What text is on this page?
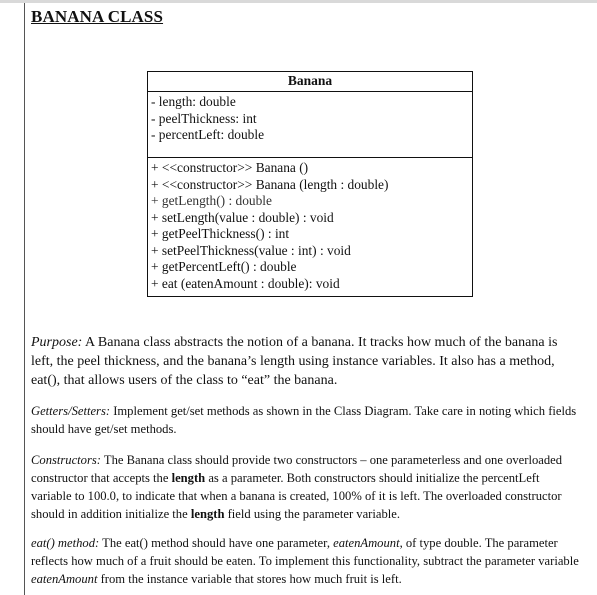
BANANA CLASS
Banana
- length: double
- peelThickness: int
- percentLeft: double
+ <<constructor>> Banana ()
+ <<constructor>> Banana (length : double)
+ getLength() : double
+ setLength(value : double) : void
+ getPeelThickness() : int
+ setPeelThickness(value : int) : void
+ getPercentLeft() : double
+ eat (eatenAmount : double): void

Purpose: A Banana class abstracts the notion of a banana. It tracks how much of the banana is left, the peel thickness, and the banana’s length using instance variables. It also has a method, eat(), that allows users of the class to “eat” the banana.

Getters/Setters: Implement get/set methods as shown in the Class Diagram. Take care in noting which fields should have get/set methods.

Constructors: The Banana class should provide two constructors – one parameterless and one overloaded constructor that accepts the length as a parameter. Both constructors should initialize the percentLeft variable to 100.0, to indicate that when a banana is created, 100% of it is left. The overloaded constructor should in addition initialize the length field using the parameter variable.

eat() method: The eat() method should have one parameter, eatenAmount, of type double. The parameter reflects how much of a fruit should be eaten. To implement this functionality, subtract the parameter variable eatenAmount from the instance variable that stores how much fruit is left.
